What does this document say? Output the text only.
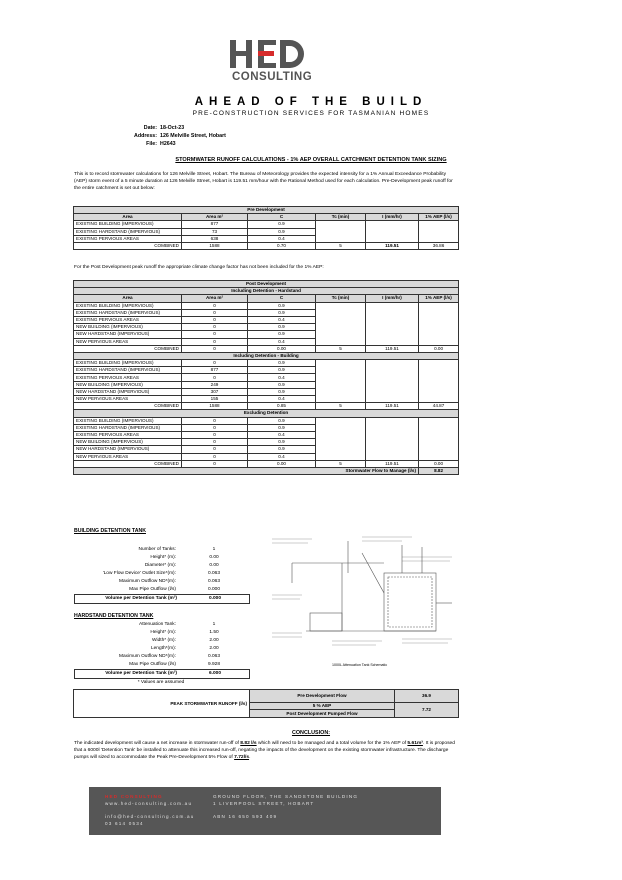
CONSULTING
AHEAD OF THE BUILD
PRE-CONSTRUCTION SERVICES FOR TASMANIAN HOMES
Date: 18-Oct-23
Address: 126 Melville Street, Hobart
File: H2643
STORMWATER RUNOFF CALCULATIONS - 1% AEP OVERALL CATCHMENT DETENTION TANK SIZING
This is to record stormwater calculations for 126 Melville Street, Hobart. The Bureau of Meteorology provides the expected intensity for a 1% Annual Exceedance Probability (AEP) storm event of a 5 minute duration at 126 Melville Street, Hobart is 119.51 mm/hour with the Rational Method used for each calculation. Pre-Development peak runoff for the entire catchment is set out below:
Pre Development					
Area	Area m²	C	Tc (min)	I (mm/hr)	1% AEP (l/s)
EXISTING BUILDING (IMPERVIOUS)	877	0.9			
EXISTING HARDSTAND (IMPERVIOUS)	73	0.9			
EXISTING PERVIOUS AREAS	638	0.4			
COMBINED	1588	0.70	5	119.51	36.86
For the Post Development peak runoff the appropriate climate change factor has not been included for the 1% AEP:
Post Development					
Including Detention - Hardstand					
Area	Area m²	C	Tc (min)	I (mm/hr)	1% AEP (l/s)
EXISTING BUILDING (IMPERVIOUS)	0	0.9			
EXISTING HARDSTAND (IMPERVIOUS)	0	0.9			
EXISTING PERVIOUS AREAS	0	0.4			
NEW BUILDING (IMPERVIOUS)	0	0.9			
NEW HARDSTAND (IMPERVIOUS)	0	0.9			
NEW PERVIOUS AREAS	0	0.4			
COMBINED	0	0.00	5	119.51	0.00
Including Detention - Building					
EXISTING BUILDING (IMPERVIOUS)	0	0.9			
EXISTING HARDSTAND (IMPERVIOUS)	877	0.9			
EXISTING PERVIOUS AREAS	0	0.4			
NEW BUILDING (IMPERVIOUS)	249	0.9			
NEW HARDSTAND (IMPERVIOUS)	307	0.9			
NEW PERVIOUS AREAS	155	0.4			
COMBINED	1588	0.85	5	119.51	44.87
Excluding Detention					
EXISTING BUILDING (IMPERVIOUS)	0	0.9			
EXISTING HARDSTAND (IMPERVIOUS)	0	0.9			
EXISTING PERVIOUS AREAS	0	0.4			
NEW BUILDING (IMPERVIOUS)	0	0.9			
NEW HARDSTAND (IMPERVIOUS)	0	0.9			
NEW PERVIOUS AREAS	0	0.4			
COMBINED	0	0.00	5	119.51	0.00
Stormwater Flow to Manage (l/s)					8.82
BUILDING DETENTION TANK
Number of Tanks:	1
Height* (m):	0.00
Diameter* (m):	0.00
'Low Flow Device' Outlet Size*(m):	0.063
Maximum Outflow ND*(m):	0.063
Max Pipe Outflow (l/s)	0.000
Volume per Detention Tank (m³)	0.000
HARDSTAND DETENTION TANK
Attenuation Tank:	1
Height* (m):	1.50
Width* (m):	2.00
Length*(m):	2.00
Maximum Outflow ND*(m):	0.063
Max Pipe Outflow (l/s)	9.928
Volume per Detention Tank (m³)	6.000
* Values are assumed
1000L Attenuation Tank Schematic
PEAK STORMWATER RUNOFF (l/s)	Pre Development Flow	36.9
	5 % AEP	7.72
	Post Development Pumped Flow	
CONCLUSION:
The indicated development will cause a net increase in stormwater run-off of 8.82 l/s which will need to be managed and a total volume for the 1% AEP of 5.61m³. It is proposed that a 6000l 'Detention Tank' be installed to attenuate this increased run-off, negating the impacts of the development on the existing stormwater infrastructure. The discharge pumps will sized to accommodate the Peak Pre-Development 5% Flow of 7.72l/s.
HED CONSULTING
www.hed-consulting.com.au
info@hed-consulting.com.au
03 614 0534
GROUND FLOOR, THE SANDSTONE BUILDING
1 LIVERPOOL STREET, HOBART
ABN 16 650 593 409
